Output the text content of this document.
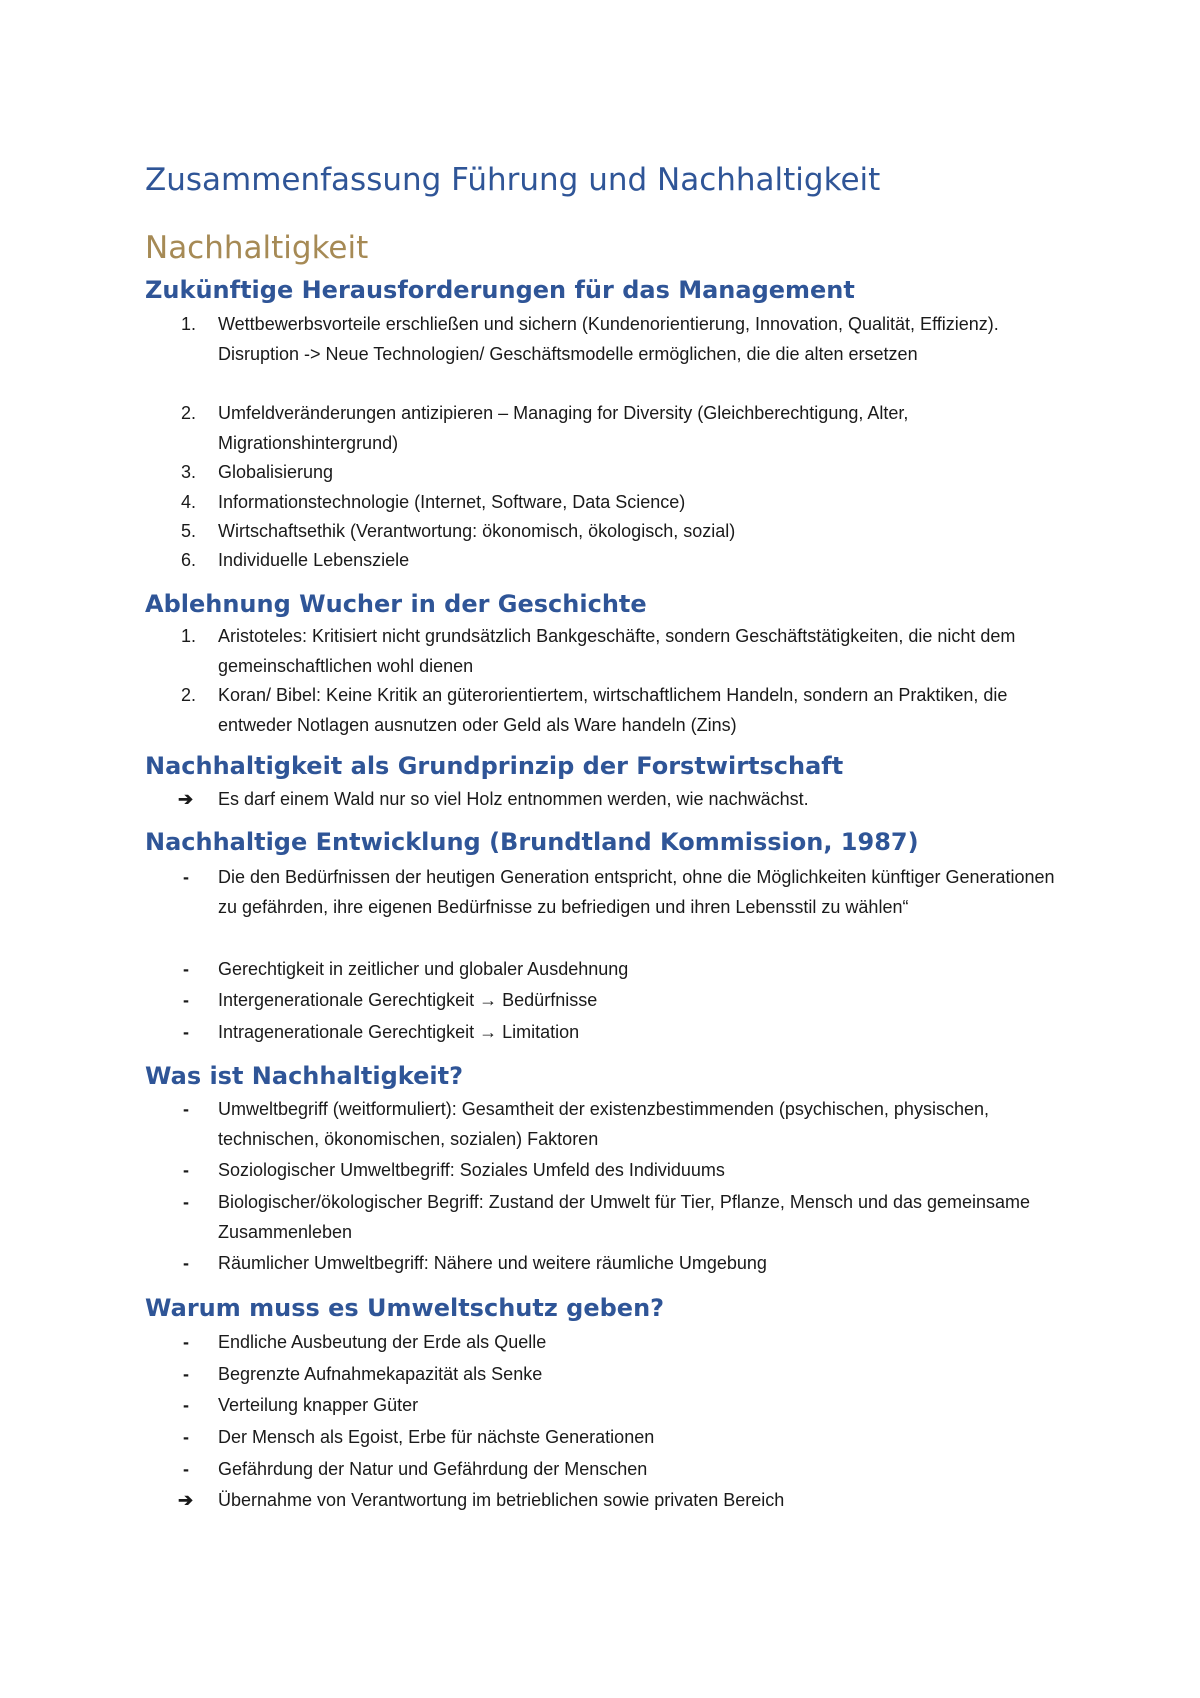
Zusammenfassung Führung und Nachhaltigkeit
Nachhaltigkeit
Zukünftige Herausforderungen für das Management
1.	Wettbewerbsvorteile erschließen und sichern (Kundenorientierung, Innovation, Qualität, Effizienz). Disruption -> Neue Technologien/ Geschäftsmodelle ermöglichen, die die alten ersetzen
2.	Umfeldveränderungen antizipieren – Managing for Diversity (Gleichberechtigung, Alter, Migrationshintergrund)
3.	Globalisierung
4.	Informationstechnologie (Internet, Software, Data Science)
5.	Wirtschaftsethik (Verantwortung: ökonomisch, ökologisch, sozial)
6.	Individuelle Lebensziele
Ablehnung Wucher in der Geschichte
1.	Aristoteles: Kritisiert nicht grundsätzlich Bankgeschäfte, sondern Geschäftstätigkeiten, die nicht dem gemeinschaftlichen wohl dienen
2.	Koran/ Bibel: Keine Kritik an güterorientiertem, wirtschaftlichem Handeln, sondern an Praktiken, die entweder Notlagen ausnutzen oder Geld als Ware handeln (Zins)
Nachhaltigkeit als Grundprinzip der Forstwirtschaft
➔	Es darf einem Wald nur so viel Holz entnommen werden, wie nachwächst.
Nachhaltige Entwicklung (Brundtland Kommission, 1987)
-	Die den Bedürfnissen der heutigen Generation entspricht, ohne die Möglichkeiten künftiger Generationen zu gefährden, ihre eigenen Bedürfnisse zu befriedigen und ihren Lebensstil zu wählen“
-	Gerechtigkeit in zeitlicher und globaler Ausdehnung
-	Intergenerationale Gerechtigkeit → Bedürfnisse
-	Intragenerationale Gerechtigkeit → Limitation
Was ist Nachhaltigkeit?
-	Umweltbegriff (weitformuliert): Gesamtheit der existenzbestimmenden (psychischen, physischen, technischen, ökonomischen, sozialen) Faktoren
-	Soziologischer Umweltbegriff: Soziales Umfeld des Individuums
-	Biologischer/ökologischer Begriff: Zustand der Umwelt für Tier, Pflanze, Mensch und das gemeinsame Zusammenleben
-	Räumlicher Umweltbegriff: Nähere und weitere räumliche Umgebung
Warum muss es Umweltschutz geben?
-	Endliche Ausbeutung der Erde als Quelle
-	Begrenzte Aufnahmekapazität als Senke
-	Verteilung knapper Güter
-	Der Mensch als Egoist, Erbe für nächste Generationen
-	Gefährdung der Natur und Gefährdung der Menschen
➔	Übernahme von Verantwortung im betrieblichen sowie privaten Bereich
